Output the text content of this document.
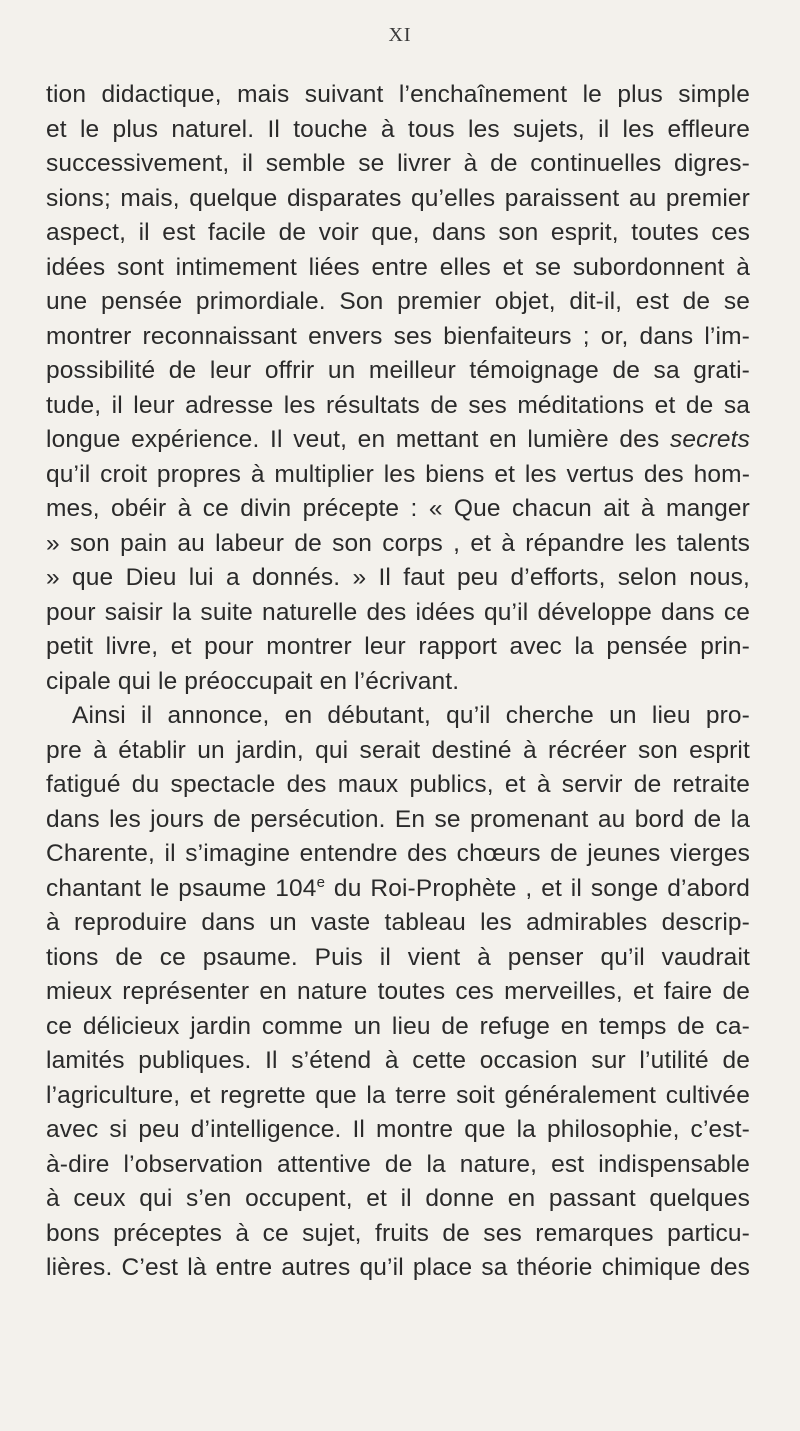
XI
tion didactique, mais suivant l’enchaînement le plus simple
et le plus naturel. Il touche à tous les sujets, il les effleure
successivement, il semble se livrer à de continuelles digres-
sions; mais, quelque disparates qu’elles paraissent au premier
aspect, il est facile de voir que, dans son esprit, toutes ces
idées sont intimement liées entre elles et se subordonnent à
une pensée primordiale. Son premier objet, dit-il, est de se
montrer reconnaissant envers ses bienfaiteurs ; or, dans l’im-
possibilité de leur offrir un meilleur témoignage de sa grati-
tude, il leur adresse les résultats de ses méditations et de sa
longue expérience. Il veut, en mettant en lumière des secrets
qu’il croit propres à multiplier les biens et les vertus des hom-
mes, obéir à ce divin précepte : « Que chacun ait à manger
» son pain au labeur de son corps , et à répandre les talents
» que Dieu lui a donnés. » Il faut peu d’efforts, selon nous,
pour saisir la suite naturelle des idées qu’il développe dans ce
petit livre, et pour montrer leur rapport avec la pensée prin-
cipale qui le préoccupait en l’écrivant.
Ainsi il annonce, en débutant, qu’il cherche un lieu pro-
pre à établir un jardin, qui serait destiné à récréer son esprit
fatigué du spectacle des maux publics, et à servir de retraite
dans les jours de persécution. En se promenant au bord de la
Charente, il s’imagine entendre des chœurs de jeunes vierges
chantant le psaume 104e du Roi-Prophète , et il songe d’abord
à reproduire dans un vaste tableau les admirables descrip-
tions de ce psaume. Puis il vient à penser qu’il vaudrait
mieux représenter en nature toutes ces merveilles, et faire de
ce délicieux jardin comme un lieu de refuge en temps de ca-
lamités publiques. Il s’étend à cette occasion sur l’utilité de
l’agriculture, et regrette que la terre soit généralement cultivée
avec si peu d’intelligence. Il montre que la philosophie, c’est-
à-dire l’observation attentive de la nature, est indispensable
à ceux qui s’en occupent, et il donne en passant quelques
bons préceptes à ce sujet, fruits de ses remarques particu-
lières. C’est là entre autres qu’il place sa théorie chimique des
